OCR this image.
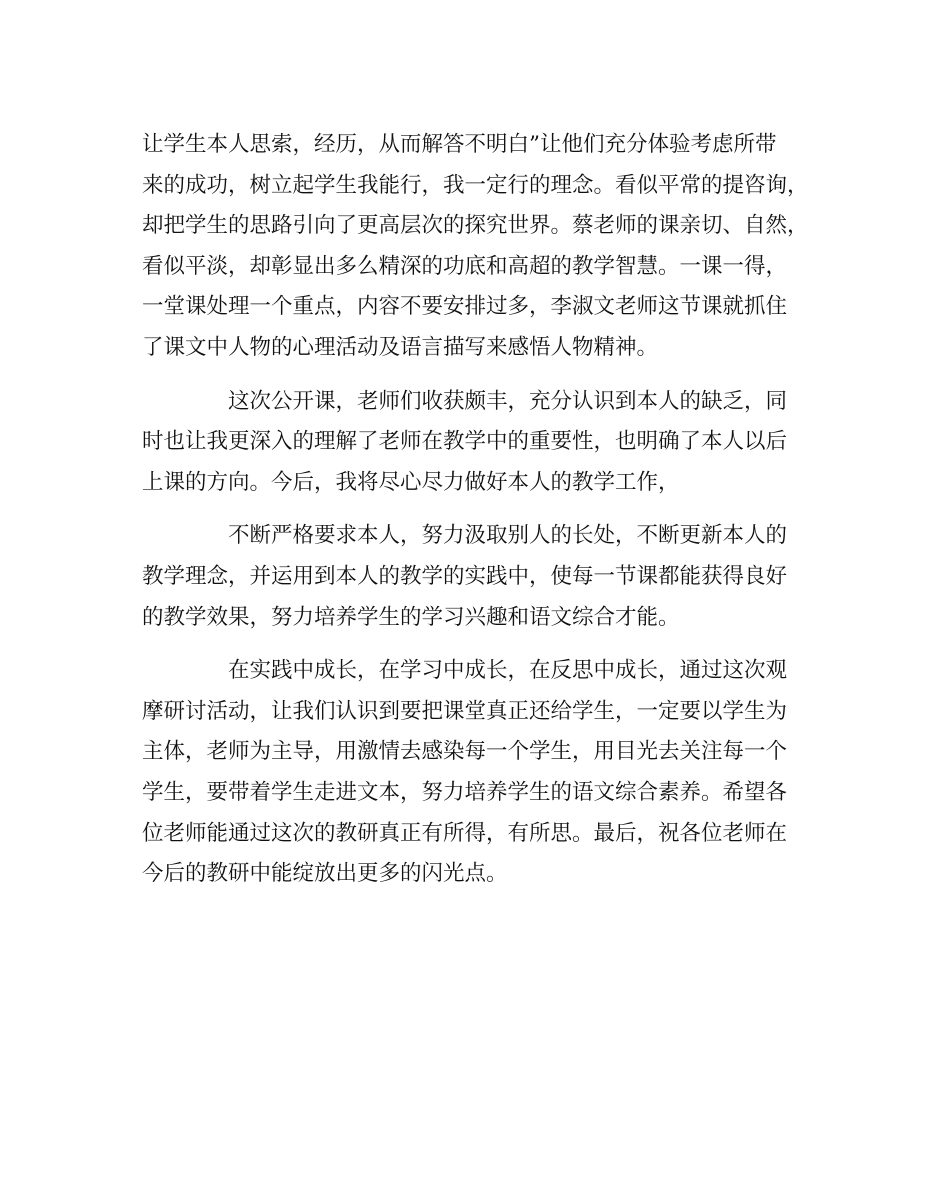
让学生本人思索，经历，从而解答不明白”让他们充分体验考虑所带
来的成功，树立起学生我能行，我一定行的理念。看似平常的提咨询，
却把学生的思路引向了更高层次的探究世界。蔡老师的课亲切、自然，
看似平淡，却彰显出多么精深的功底和高超的教学智慧。一课一得，
一堂课处理一个重点，内容不要安排过多，李淑文老师这节课就抓住
了课文中人物的心理活动及语言描写来感悟人物精神。
这次公开课，老师们收获颇丰，充分认识到本人的缺乏，同
时也让我更深入的理解了老师在教学中的重要性，也明确了本人以后
上课的方向。今后，我将尽心尽力做好本人的教学工作，
不断严格要求本人，努力汲取别人的长处，不断更新本人的
教学理念，并运用到本人的教学的实践中，使每一节课都能获得良好
的教学效果，努力培养学生的学习兴趣和语文综合才能。
在实践中成长，在学习中成长，在反思中成长，通过这次观
摩研讨活动，让我们认识到要把课堂真正还给学生，一定要以学生为
主体，老师为主导，用激情去感染每一个学生，用目光去关注每一个
学生，要带着学生走进文本，努力培养学生的语文综合素养。希望各
位老师能通过这次的教研真正有所得，有所思。最后，祝各位老师在
今后的教研中能绽放出更多的闪光点。
